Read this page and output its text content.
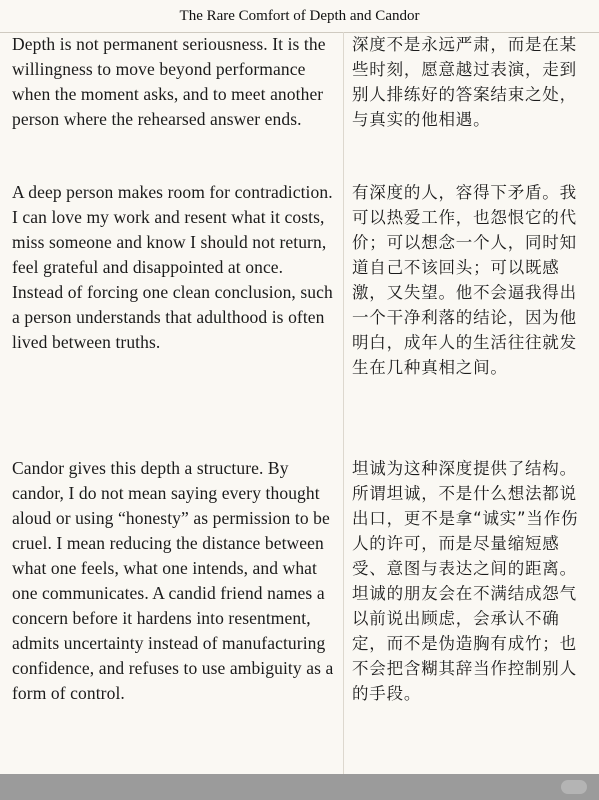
The Rare Comfort of Depth and Candor

Depth is not permanent seriousness. It is the willingness to move beyond performance when the moment asks, and to meet another person where the rehearsed answer ends.

深度不是永远严肃，而是在某些时刻，愿意越过表演，走到别人排练好的答案结束之处，与真实的他相遇。

A deep person makes room for contradiction. I can love my work and resent what it costs, miss someone and know I should not return, feel grateful and disappointed at once. Instead of forcing one clean conclusion, such a person understands that adulthood is often lived between truths.

有深度的人，容得下矛盾。我可以热爱工作，也怨恨它的代价；可以想念一个人，同时知道自己不该回头；可以既感激，又失望。他不会逼我得出一个干净利落的结论，因为他明白，成年人的生活往往就发生在几种真相之间。

Candor gives this depth a structure. By candor, I do not mean saying every thought aloud or using “honesty” as permission to be cruel. I mean reducing the distance between what one feels, what one intends, and what one communicates. A candid friend names a concern before it hardens into resentment, admits uncertainty instead of manufacturing confidence, and refuses to use ambiguity as a form of control.

坦诚为这种深度提供了结构。所谓坦诚，不是什么想法都说出口，更不是拿“诚实”当作伤人的许可，而是尽量缩短感受、意图与表达之间的距离。坦诚的朋友会在不满结成怨气以前说出顾虑，会承认不确定，而不是伪造胸有成竹；也不会把含糊其辞当作控制别人的手段。
